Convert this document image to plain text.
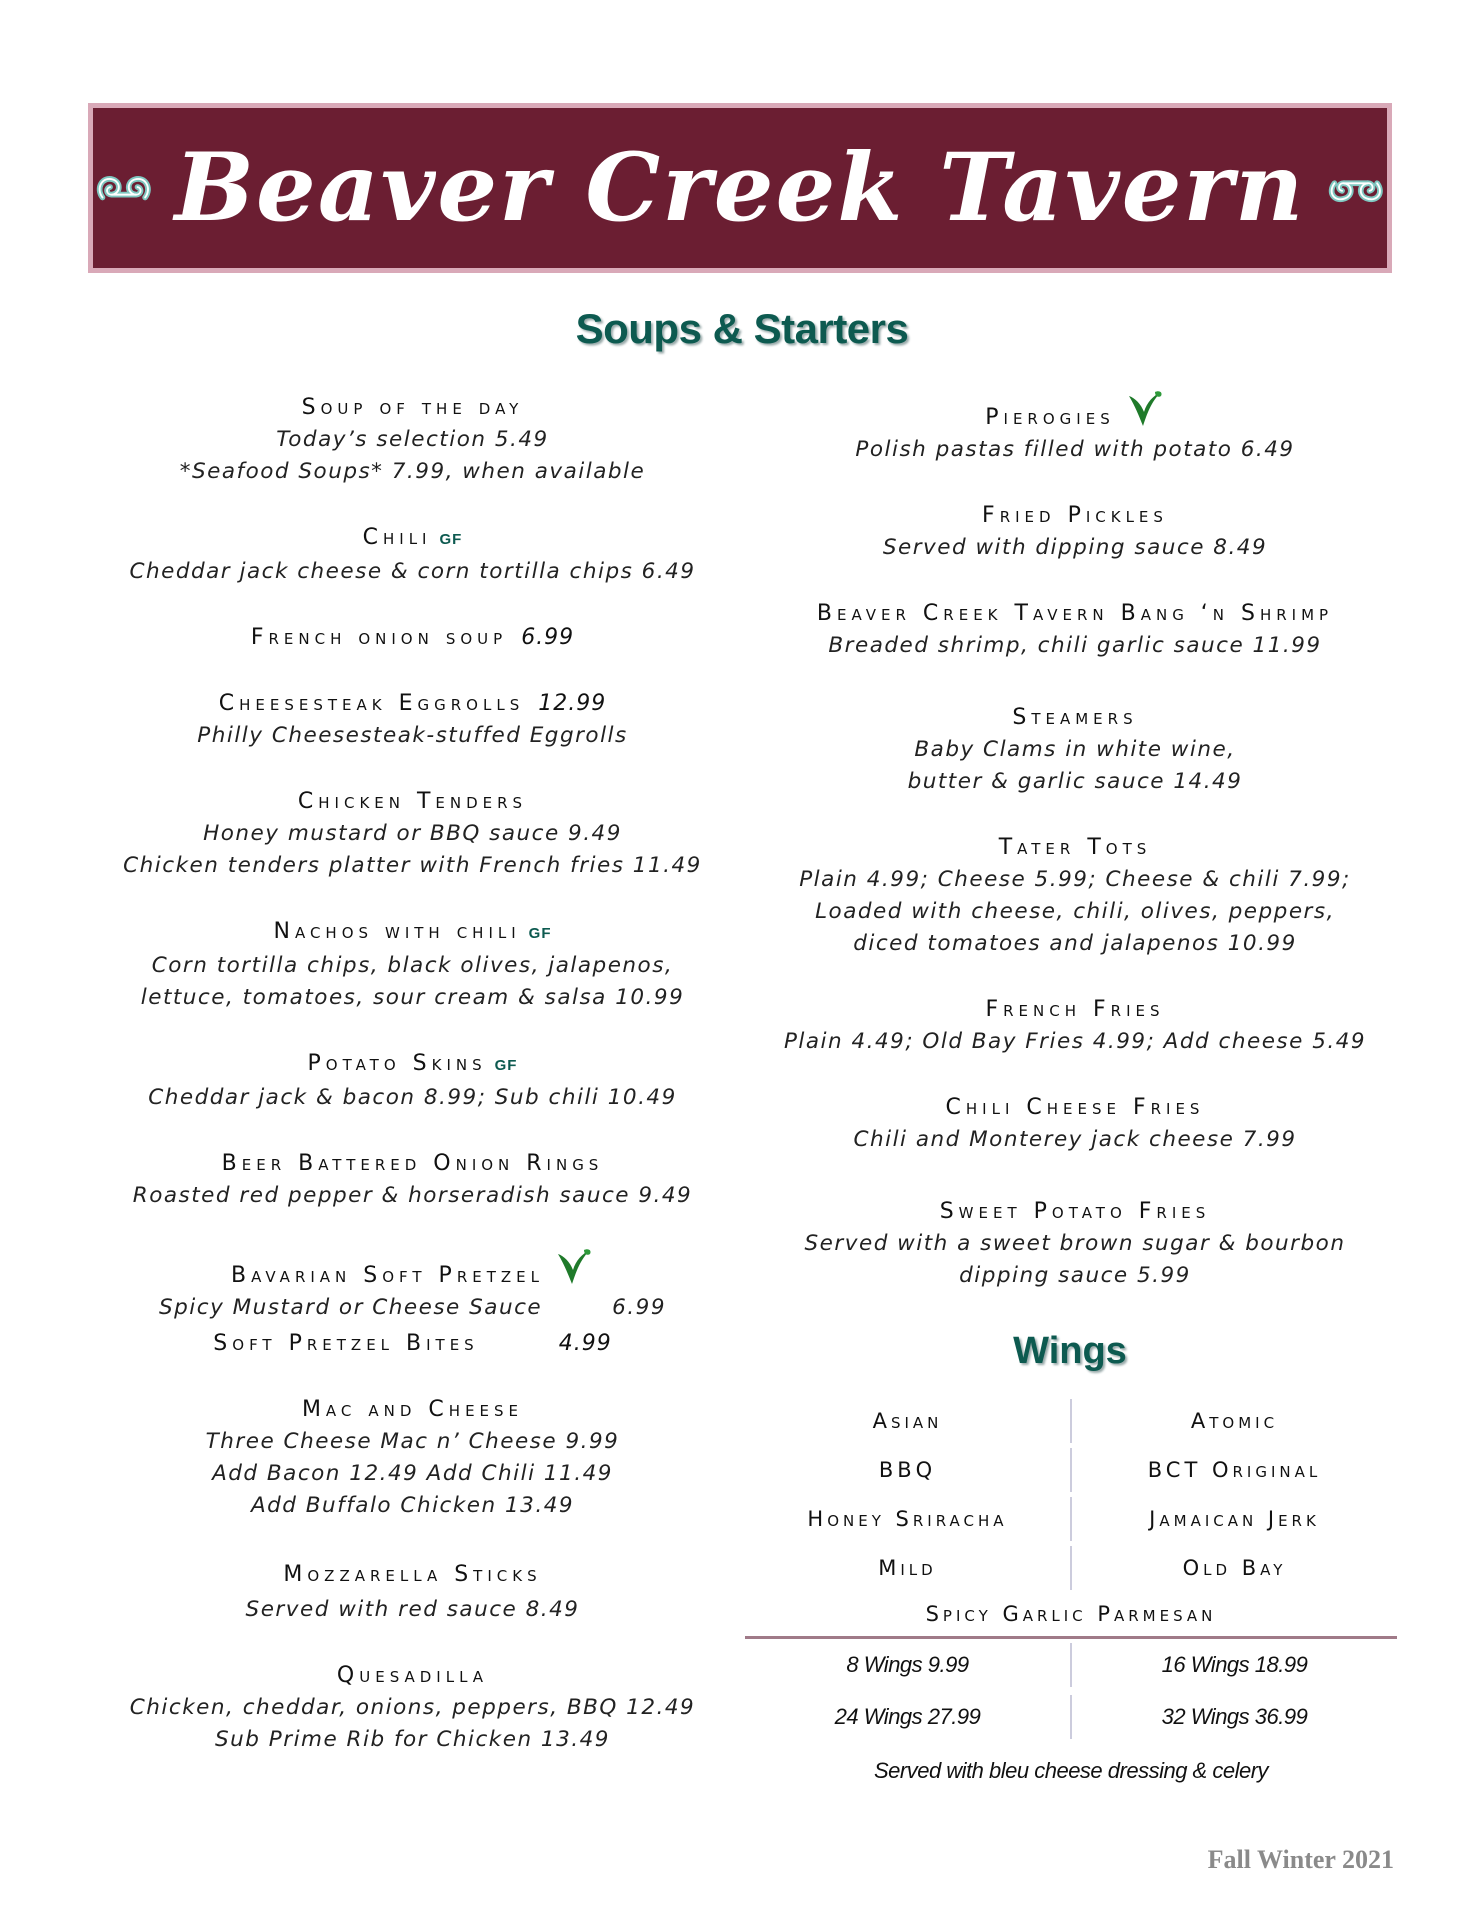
Beaver Creek Tavern
Soups & Starters
Soup of the day
Today’s selection 5.49
*Seafood Soups* 7.99, when available
Chili GF
Cheddar jack cheese & corn tortilla chips 6.49
French onion soup 6.99
Cheesesteak Eggrolls 12.99
Philly Cheesesteak-stuffed Eggrolls
Chicken Tenders
Honey mustard or BBQ sauce 9.49
Chicken tenders platter with French fries 11.49
Nachos with chili GF
Corn tortilla chips, black olives, jalapenos,
lettuce, tomatoes, sour cream & salsa 10.99
Potato Skins GF
Cheddar jack & bacon 8.99; Sub chili 10.49
Beer Battered Onion Rings
Roasted red pepper & horseradish sauce 9.49
Bavarian Soft Pretzel
Spicy Mustard or Cheese Sauce	6.99
Soft Pretzel Bites	4.99
Mac and Cheese
Three Cheese Mac n’ Cheese 9.99
Add Bacon 12.49 Add Chili 11.49
Add Buffalo Chicken 13.49
Mozzarella Sticks
Served with red sauce 8.49
Quesadilla
Chicken, cheddar, onions, peppers, BBQ 12.49
Sub Prime Rib for Chicken 13.49
Pierogies
Polish pastas filled with potato 6.49
Fried Pickles
Served with dipping sauce 8.49
Beaver Creek Tavern Bang ‘n Shrimp
Breaded shrimp, chili garlic sauce 11.99
Steamers
Baby Clams in white wine,
butter & garlic sauce 14.49
Tater Tots
Plain 4.99; Cheese 5.99; Cheese & chili 7.99;
Loaded with cheese, chili, olives, peppers,
diced tomatoes and jalapenos 10.99
French Fries
Plain 4.49; Old Bay Fries 4.99; Add cheese 5.49
Chili Cheese Fries
Chili and Monterey jack cheese 7.99
Sweet Potato Fries
Served with a sweet brown sugar & bourbon
dipping sauce 5.99
Wings
Asian	Atomic
BBQ	BCT Original
Honey Sriracha	Jamaican Jerk
Mild	Old Bay
Spicy Garlic Parmesan
8 Wings 9.99	16 Wings 18.99
24 Wings 27.99	32 Wings 36.99
Served with bleu cheese dressing & celery
Fall Winter 2021
